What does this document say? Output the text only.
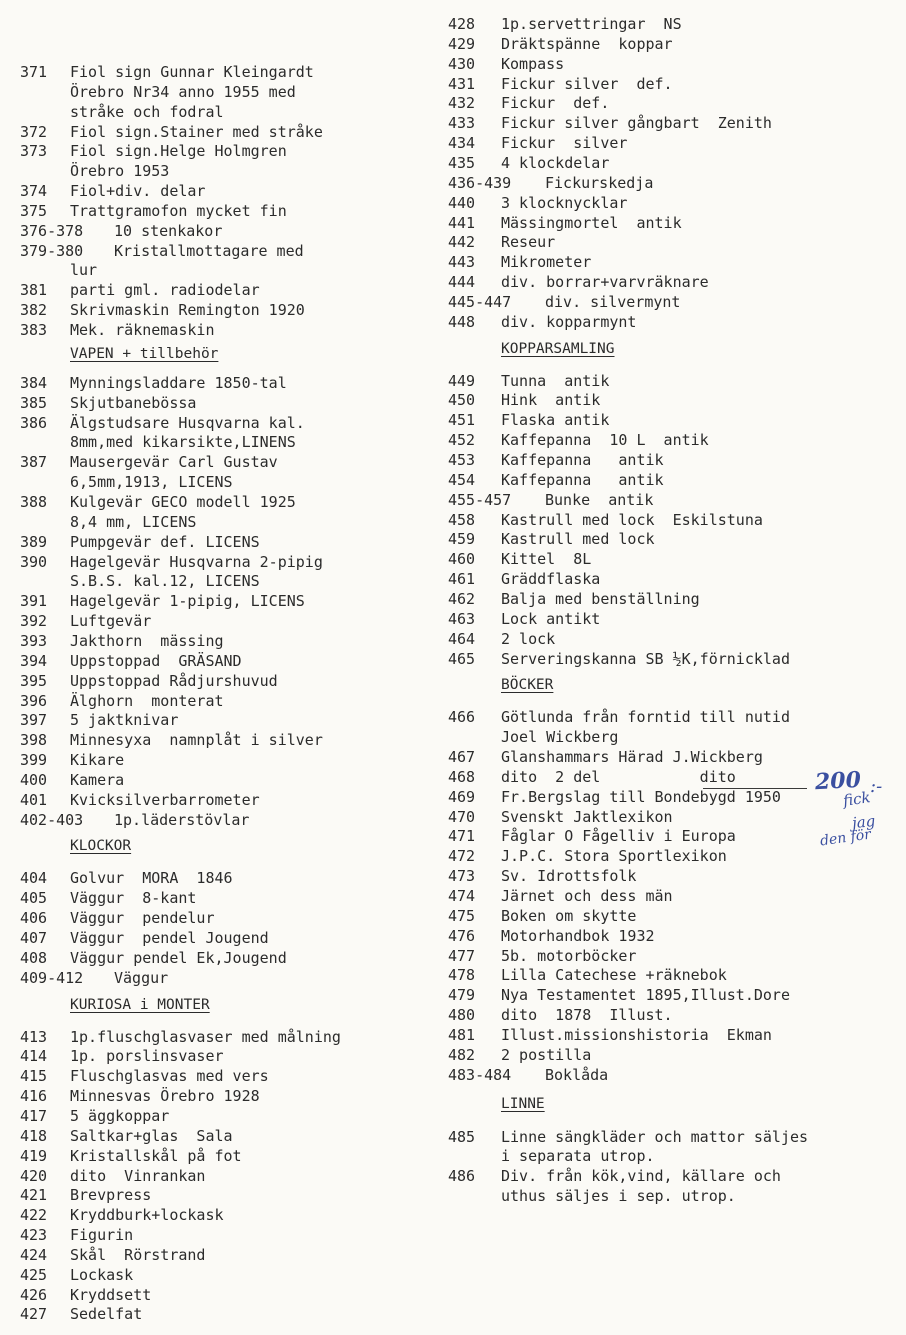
371 Fiol sign Gunnar Kleingardt
Örebro Nr34 anno 1955 med
stråke och fodral
372 Fiol sign.Stainer med stråke
373 Fiol sign.Helge Holmgren
Örebro 1953
374 Fiol+div. delar
375 Trattgramofon mycket fin
376-378 10 stenkakor
379-380 Kristallmottagare med
lur
381 parti gml. radiodelar
382 Skrivmaskin Remington 1920
383 Mek. räknemaskin
VAPEN + tillbehör
384 Mynningsladdare 1850-tal
385 Skjutbanebössa
386 Älgstudsare Husqvarna kal.
8mm,med kikarsikte,LINENS
387 Mausergevär Carl Gustav
6,5mm,1913, LICENS
388 Kulgevär GECO modell 1925
8,4 mm, LICENS
389 Pumpgevär def. LICENS
390 Hagelgevär Husqvarna 2-pipig
S.B.S. kal.12, LICENS
391 Hagelgevär 1-pipig, LICENS
392 Luftgevär
393 Jakthorn  mässing
394 Uppstoppad  GRÄSAND
395 Uppstoppad Rådjurshuvud
396 Älghorn  monterat
397 5 jaktknivar
398 Minnesyxa  namnplåt i silver
399 Kikare
400 Kamera
401 Kvicksilverbarrometer
402-403 1p.läderstövlar
KLOCKOR
404 Golvur  MORA  1846
405 Väggur  8-kant
406 Väggur  pendelur
407 Väggur  pendel Jougend
408 Väggur pendel Ek,Jougend
409-412 Väggur
KURIOSA i MONTER
413 1p.fluschglasvaser med målning
414 1p. porslinsvaser
415 Fluschglasvas med vers
416 Minnesvas Örebro 1928
417 5 äggkoppar
418 Saltkar+glas  Sala
419 Kristallskål på fot
420 dito  Vinrankan
421 Brevpress
422 Kryddburk+lockask
423 Figurin
424 Skål  Rörstrand
425 Lockask
426 Kryddsett
427 Sedelfat
428 1p.servettringar  NS
429 Dräktspänne  koppar
430 Kompass
431 Fickur silver  def.
432 Fickur  def.
433 Fickur silver gångbart  Zenith
434 Fickur  silver
435 4 klockdelar
436-439 Fickurskedja
440 3 klocknycklar
441 Mässingmortel  antik
442 Reseur
443 Mikrometer
444 div. borrar+varvräknare
445-447 div. silvermynt
448 div. kopparmynt
KOPPARSAMLING
449 Tunna  antik
450 Hink  antik
451 Flaska antik
452 Kaffepanna  10 L  antik
453 Kaffepanna   antik
454 Kaffepanna   antik
455-457 Bunke  antik
458 Kastrull med lock  Eskilstuna
459 Kastrull med lock
460 Kittel  8L
461 Gräddflaska
462 Balja med benställning
463 Lock antikt
464 2 lock
465 Serveringskanna SB ½K,förnicklad
BÖCKER
466 Götlunda från forntid till nutid
Joel Wickberg
467 Glanshammars Härad J.Wickberg
468 dito  2 del           dito
469 Fr.Bergslag till Bondebygd 1950
470 Svenskt Jaktlexikon
471 Fåglar O Fågelliv i Europa
472 J.P.C. Stora Sportlexikon
473 Sv. Idrottsfolk
474 Järnet och dess män
475 Boken om skytte
476 Motorhandbok 1932
477 5b. motorböcker
478 Lilla Catechese +räknebok
479 Nya Testamentet 1895,Illust.Dore
480 dito  1878  Illust.
481 Illust.missionshistoria  Ekman
482 2 postilla
483-484 Boklåda
LINNE
485 Linne sängkläder och mattor säljes
i separata utrop.
486 Div. från kök,vind, källare och
uthus säljes i sep. utrop.
200 :-
fick
jag
den för
